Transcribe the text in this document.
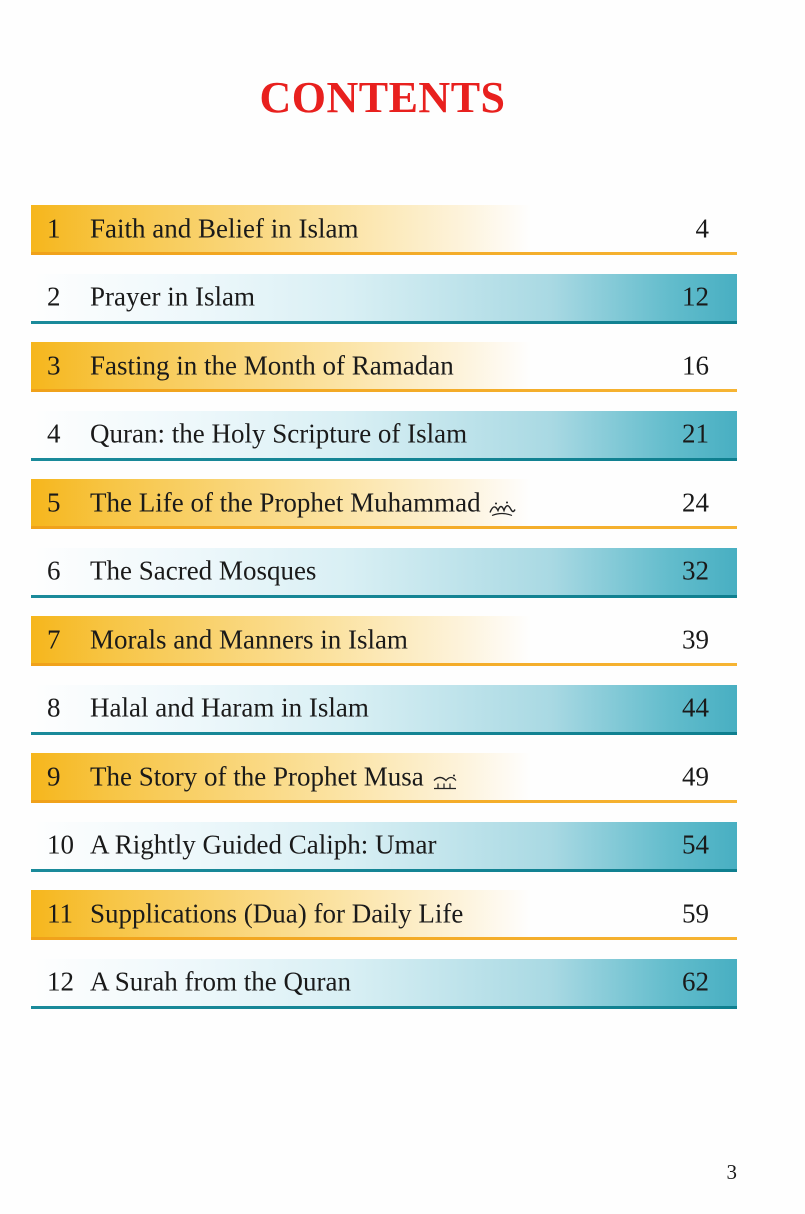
CONTENTS
1 Faith and Belief in Islam	4
2 Prayer in Islam	12
3 Fasting in the Month of Ramadan	16
4 Quran: the Holy Scripture of Islam	21
5 The Life of the Prophet Muhammad	24
6 The Sacred Mosques	32
7 Morals and Manners in Islam	39
8 Halal and Haram in Islam	44
9 The Story of the Prophet Musa	49
10 A Rightly Guided Caliph: Umar	54
11 Supplications (Dua) for Daily Life	59
12 A Surah from the Quran	62
3
